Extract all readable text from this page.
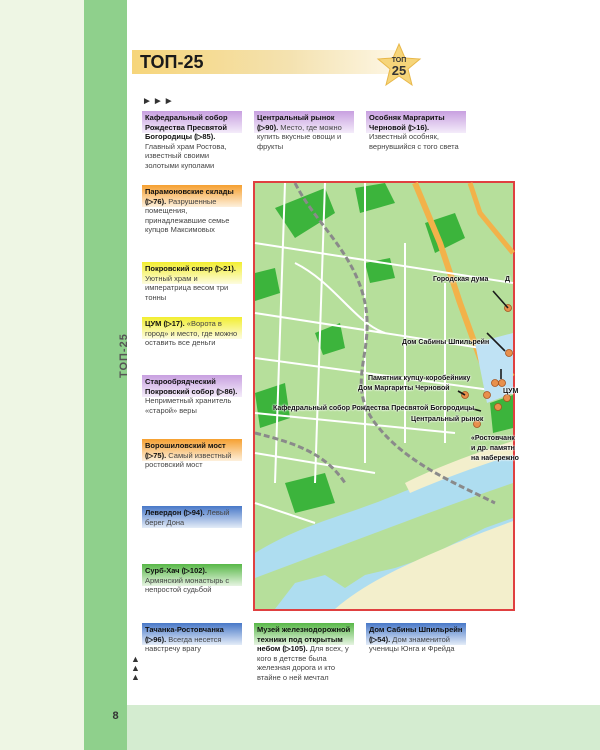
8
ТОП-25
ТОП-25	ТОП
25
►►►
Кафедральный собор Рождества Пресвятой Богородицы (▷85). Главный храм Ростова, известный своими золотыми куполами
Центральный рынок (▷90). Место, где можно купить вкусные овощи и фрукты
Особняк Маргариты Черновой (▷16). Известный особняк, вернувшийся с того света
Парамоновские склады (▷76). Разрушенные помещения, принадлежавшие семье купцов Максимовых
Покровский сквер (▷21). Уютный храм и императрица весом три тонны
ЦУМ (▷17). «Ворота в город» и место, где можно оставить все деньги
Старообрядческий Покровский собор (▷86). Неприметный хранитель «старой» веры
Ворошиловский мост (▷75). Самый известный ростовский мост
Левердон (▷94). Левый берег Дона
Сурб-Хач (▷102). Армянский монастырь с непростой судьбой
Тачанка-Ростовчанка (▷96). Всегда несется навстречу врагу
Музей железнодорожной техники под открытым небом (▷105). Для всех, у кого в детстве была железная дорога и кто втайне о ней мечтал
Дом Сабины Шпильрейн (▷54). Дом знаменитой ученицы Юнга и Фрейда
▲
▲
▲
Городская дума Д
Дом Сабины Шпильрейн
Памятник купцу-коробейнику
Дом Маргариты Черновой	ЦУМ
Кафедральный собор Рождества Пресвятой Богородицы
Центральный рынок
«Ростовчанк
и др. памятн
на набережно
